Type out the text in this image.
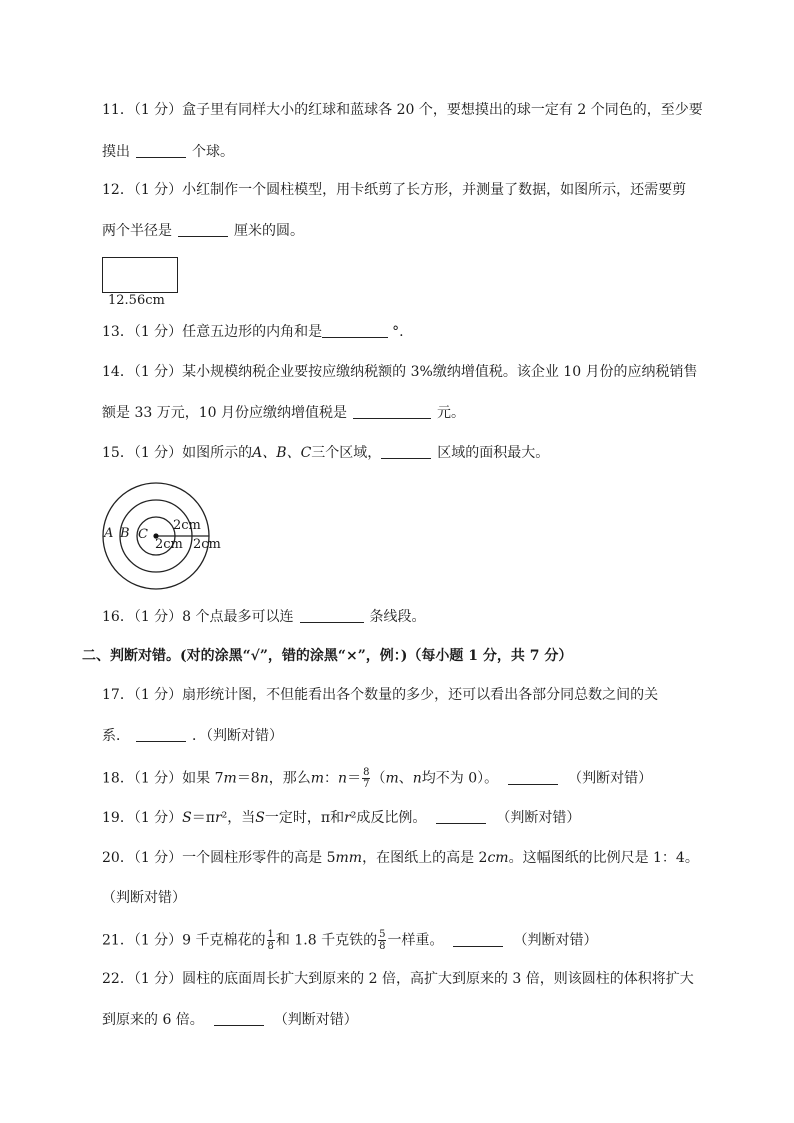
11．（1 分）盒子里有同样大小的红球和蓝球各 20 个，要想摸出的球一定有 2 个同色的，至少要
摸出	个球。
12．（1 分）小红制作一个圆柱模型，用卡纸剪了长方形，并测量了数据，如图所示，还需要剪
两个半径是	厘米的圆。
12.56cm
13．（1 分）任意五边形的内角和是	°.
14．（1 分）某小规模纳税企业要按应缴纳税额的 3%缴纳增值税。该企业 10 月份的应纳税销售
额是 33 万元，10 月份应缴纳增值税是	元。
15．（1 分）如图所示的A、B、C三个区域，	区域的面积最大。
A B C
2cm
2cm 2cm
16．（1 分）8 个点最多可以连	条线段。
二、判断对错。(对的涂黑“√”，错的涂黑“×”，例：)（每小题 1 分，共 7 分）
17．（1 分）扇形统计图，不但能看出各个数量的多少，还可以看出各部分同总数之间的关
系．	．（判断对错）
18．（1 分）如果 7m＝8n，那么m：$n= \frac{8}{7} (m$、n均不为 0）。	（判断对错）
19．（1 分）S＝πr²，当S一定时，π和r²成反比例。	（判断对错）
20．（1 分）一个圆柱形零件的高是 5mm，在图纸上的高是 2cm。这幅图纸的比例尺是 1：4。
（判断对错）
21．（1 分）9 千克棉花的 $\frac{1}{8}$ 和 1.8 千克铁的 $\frac{5}{8}$ 一样重。	（判断对错）
22．（1 分）圆柱的底面周长扩大到原来的 2 倍，高扩大到原来的 3 倍，则该圆柱的体积将扩大
到原来的 6 倍。	（判断对错）
